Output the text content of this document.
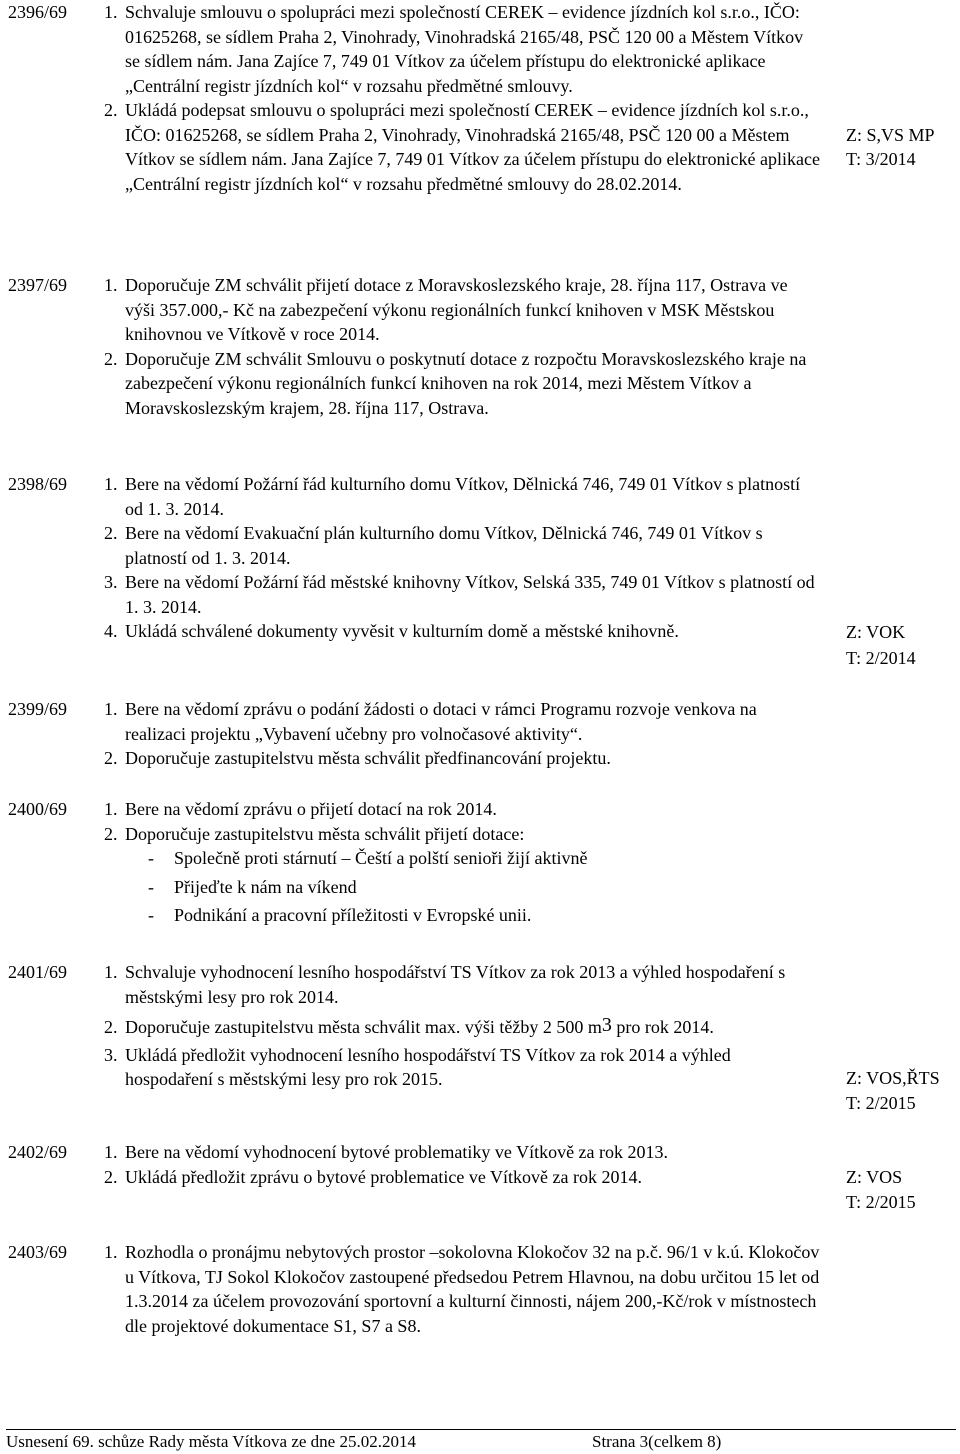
2396/69	1. Schvaluje smlouvu o spolupráci mezi společností CEREK – evidence jízdních kol s.r.o., IČO: 01625268, se sídlem Praha 2, Vinohrady, Vinohradská 2165/48, PSČ 120 00 a Městem Vítkov se sídlem nám. Jana Zajíce 7, 749 01 Vítkov za účelem přístupu do elektronické aplikace „Centrální registr jízdních kol“ v rozsahu předmětné smlouvy.
2. Ukládá podepsat smlouvu o spolupráci mezi společností CEREK – evidence jízdních kol s.r.o., IČO: 01625268, se sídlem Praha 2, Vinohrady, Vinohradská 2165/48, PSČ 120 00 a Městem Vítkov se sídlem nám. Jana Zajíce 7, 749 01 Vítkov za účelem přístupu do elektronické aplikace „Centrální registr jízdních kol“ v rozsahu předmětné smlouvy do 28.02.2014.
Z: S,VS MP
T: 3/2014
2397/69	1. Doporučuje ZM schválit přijetí dotace z Moravskoslezského kraje, 28. října 117, Ostrava ve výši 357.000,- Kč na zabezpečení výkonu regionálních funkcí knihoven v MSK Městskou knihovnou ve Vítkově v roce 2014.
2. Doporučuje ZM schválit Smlouvu o poskytnutí dotace z rozpočtu Moravskoslezského kraje na zabezpečení výkonu regionálních funkcí knihoven na rok 2014, mezi Městem Vítkov a Moravskoslezským krajem, 28. října 117, Ostrava.
2398/69	1. Bere na vědomí Požární řád kulturního domu Vítkov, Dělnická 746, 749 01 Vítkov s platností od 1. 3. 2014.
2. Bere na vědomí Evakuační plán kulturního domu Vítkov, Dělnická 746, 749 01 Vítkov s platností od 1. 3. 2014.
3. Bere na vědomí Požární řád městské knihovny Vítkov, Selská 335, 749 01 Vítkov s platností od 1. 3. 2014.
4. Ukládá schválené dokumenty vyvěsit v kulturním domě a městské knihovně.	Z: VOK
T: 2/2014
2399/69	1. Bere na vědomí zprávu o podání žádosti o dotaci v rámci Programu rozvoje venkova na realizaci projektu „Vybavení učebny pro volnočasové aktivity“.
2. Doporučuje zastupitelstvu města schválit předfinancování projektu.
2400/69	1. Bere na vědomí zprávu o přijetí dotací na rok 2014.
2. Doporučuje zastupitelstvu města schválit přijetí dotace:
- Společně proti stárnutí – Čeští a polští senioři žijí aktivně
- Přijeďte k nám na víkend
- Podnikání a pracovní příležitosti v Evropské unii.
2401/69	1. Schvaluje vyhodnocení lesního hospodářství TS Vítkov za rok 2013 a výhled hospodaření s městskými lesy pro rok 2014.
2. Doporučuje zastupitelstvu města schválit max. výši těžby 2 500 $m^3$ pro rok 2014.
3. Ukládá předložit vyhodnocení lesního hospodářství TS Vítkov za rok 2014 a výhled hospodaření s městskými lesy pro rok 2015.	Z: VOS,ŘTS
T: 2/2015
2402/69	1. Bere na vědomí vyhodnocení bytové problematiky ve Vítkově za rok 2013.
2. Ukládá předložit zprávu o bytové problematice ve Vítkově za rok 2014.	Z: VOS
T: 2/2015
2403/69	1. Rozhodla o pronájmu nebytových prostor –sokolovna Klokočov 32 na p.č. 96/1 v k.ú. Klokočov u Vítkova, TJ Sokol Klokočov zastoupené předsedou Petrem Hlavnou, na dobu určitou 15 let od 1.3.2014 za účelem provozování sportovní a kulturní činnosti, nájem 200,-Kč/rok v místnostech dle projektové dokumentace S1, S7 a S8.
Usnesení 69. schůze Rady města Vítkova ze dne 25.02.2014	Strana 3(celkem 8)
